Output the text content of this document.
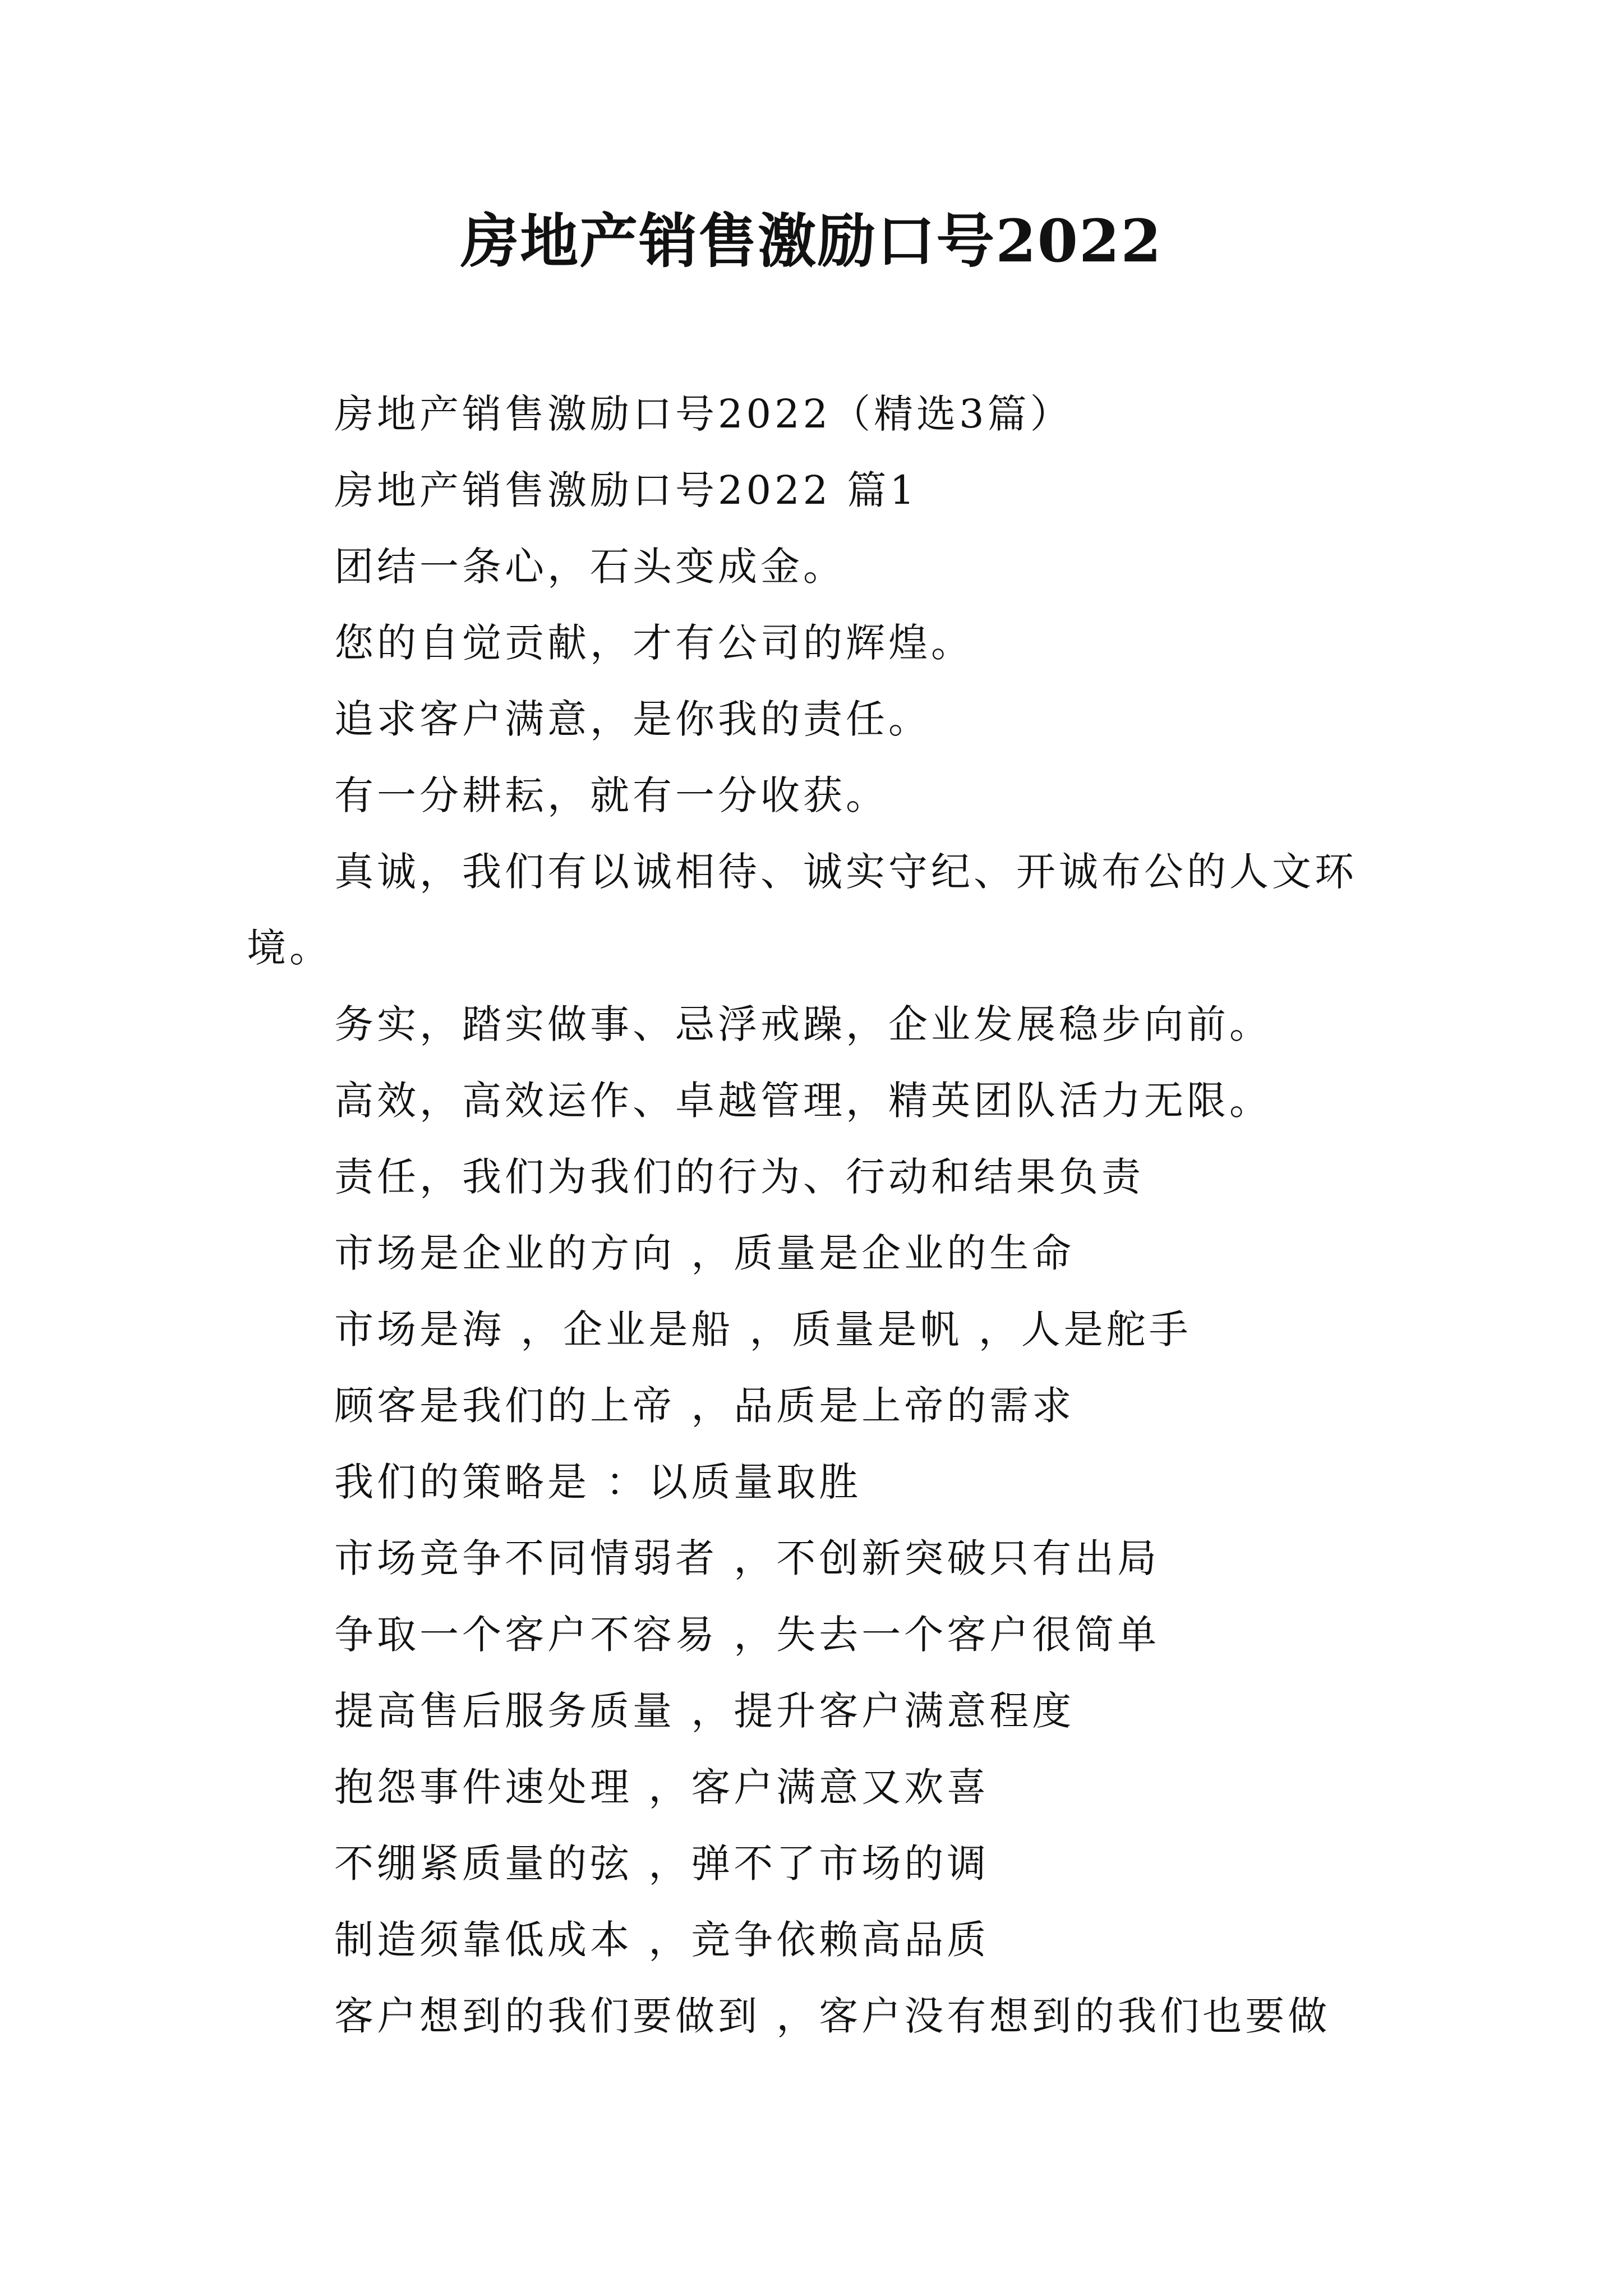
房地产销售激励口号2022

房地产销售激励口号2022（精选3篇）

房地产销售激励口号2022 篇1

团结一条心，石头变成金。

您的自觉贡献，才有公司的辉煌。

追求客户满意，是你我的责任。

有一分耕耘，就有一分收获。

真诚，我们有以诚相待、诚实守纪、开诚布公的人文环境。

务实，踏实做事、忌浮戒躁，企业发展稳步向前。

高效，高效运作、卓越管理，精英团队活力无限。

责任，我们为我们的行为、行动和结果负责

市场是企业的方向 ，质量是企业的生命

市场是海 ，企业是船 ，质量是帆 ，人是舵手

顾客是我们的上帝 ，品质是上帝的需求

我们的策略是 ：以质量取胜

市场竞争不同情弱者 ，不创新突破只有出局

争取一个客户不容易 ，失去一个客户很简单

提高售后服务质量 ，提升客户满意程度

抱怨事件速处理 ，客户满意又欢喜

不绷紧质量的弦 ，弹不了市场的调

制造须靠低成本 ，竞争依赖高品质

客户想到的我们要做到 ，客户没有想到的我们也要做
